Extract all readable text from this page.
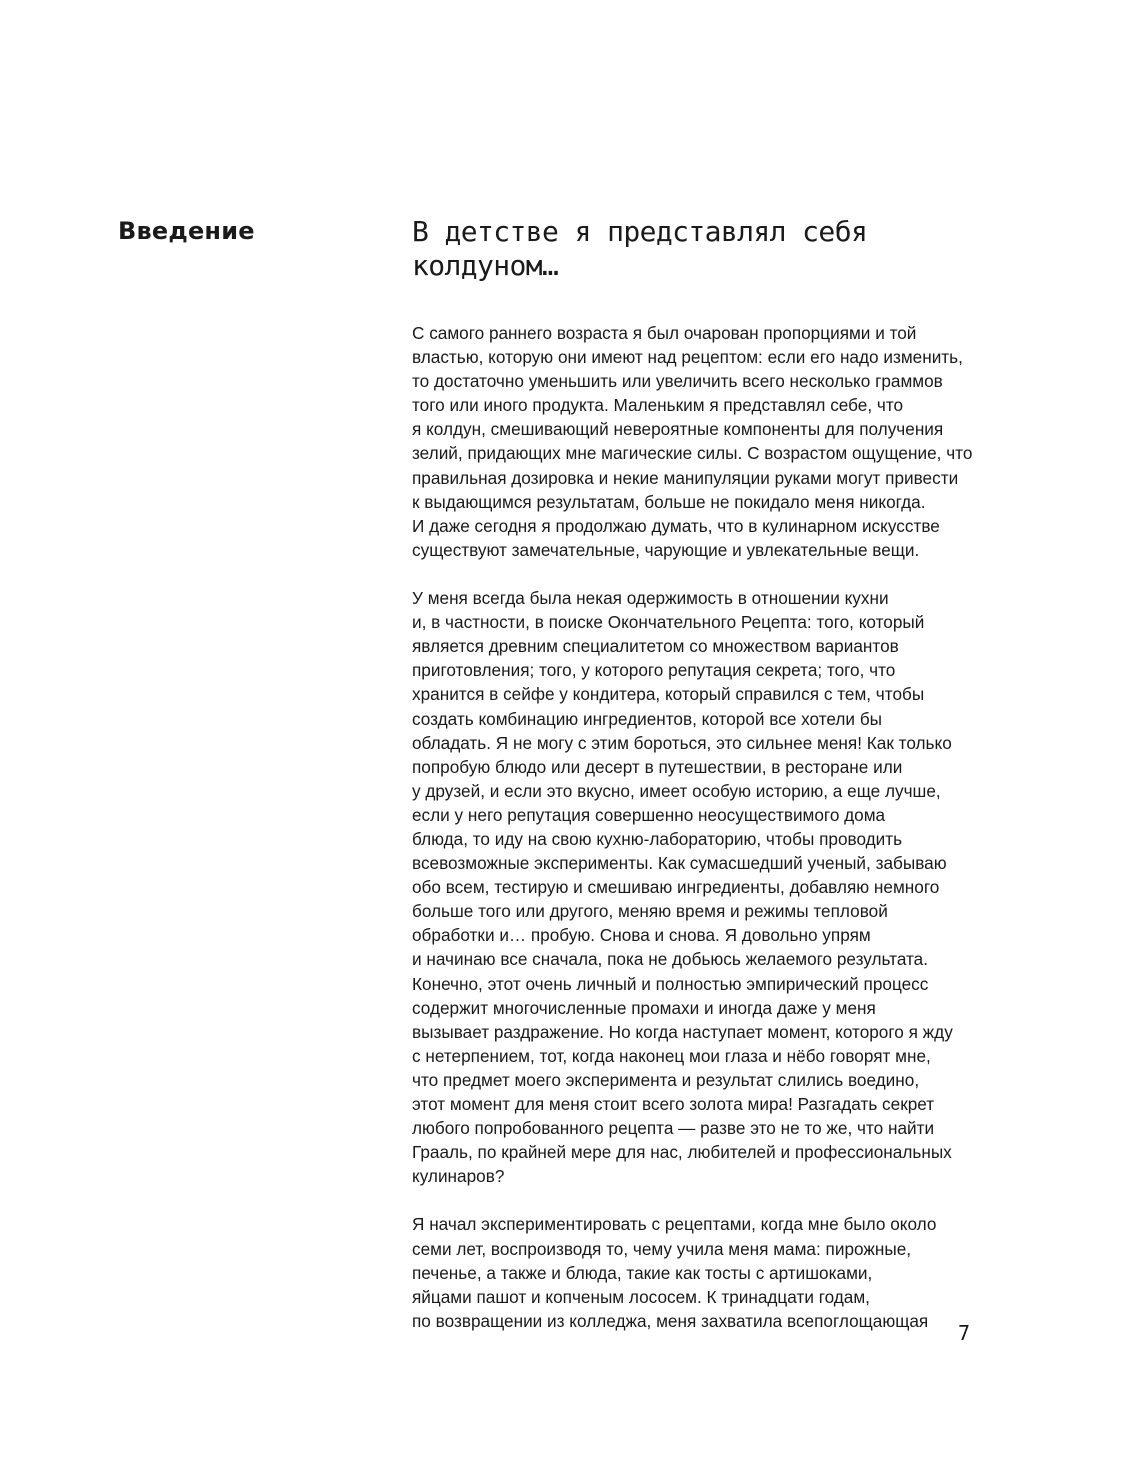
Введение	В детстве я представлял себя
колдуном…

С самого раннего возраста я был очарован пропорциями и той
властью, которую они имеют над рецептом: если его надо изменить,
то достаточно уменьшить или увеличить всего несколько граммов
того или иного продукта. Маленьким я представлял себе, что
я колдун, смешивающий невероятные компоненты для получения
зелий, придающих мне магические силы. С возрастом ощущение, что
правильная дозировка и некие манипуляции руками могут привести
к выдающимся результатам, больше не покидало меня никогда.
И даже сегодня я продолжаю думать, что в кулинарном искусстве
существуют замечательные, чарующие и увлекательные вещи.

У меня всегда была некая одержимость в отношении кухни
и, в частности, в поиске Окончательного Рецепта: того, который
является древним специалитетом со множеством вариантов
приготовления; того, у которого репутация секрета; того, что
хранится в сейфе у кондитера, который справился с тем, чтобы
создать комбинацию ингредиентов, которой все хотели бы
обладать. Я не могу с этим бороться, это сильнее меня! Как только
попробую блюдо или десерт в путешествии, в ресторане или
у друзей, и если это вкусно, имеет особую историю, а еще лучше,
если у него репутация совершенно неосуществимого дома
блюда, то иду на свою кухню-лабораторию, чтобы проводить
всевозможные эксперименты. Как сумасшедший ученый, забываю
обо всем, тестирую и смешиваю ингредиенты, добавляю немного
больше того или другого, меняю время и режимы тепловой
обработки и… пробую. Снова и снова. Я довольно упрям
и начинаю все сначала, пока не добьюсь желаемого результата.
Конечно, этот очень личный и полностью эмпирический процесс
содержит многочисленные промахи и иногда даже у меня
вызывает раздражение. Но когда наступает момент, которого я жду
с нетерпением, тот, когда наконец мои глаза и нёбо говорят мне,
что предмет моего эксперимента и результат слились воедино,
этот момент для меня стоит всего золота мира! Разгадать секрет
любого попробованного рецепта — разве это не то же, что найти
Грааль, по крайней мере для нас, любителей и профессиональных
кулинаров?

Я начал экспериментировать с рецептами, когда мне было около
семи лет, воспроизводя то, чему учила меня мама: пирожные,
печенье, а также и блюда, такие как тосты с артишоками,
яйцами пашот и копченым лососем. К тринадцати годам,
по возвращении из колледжа, меня захватила всепоглощающая

7
